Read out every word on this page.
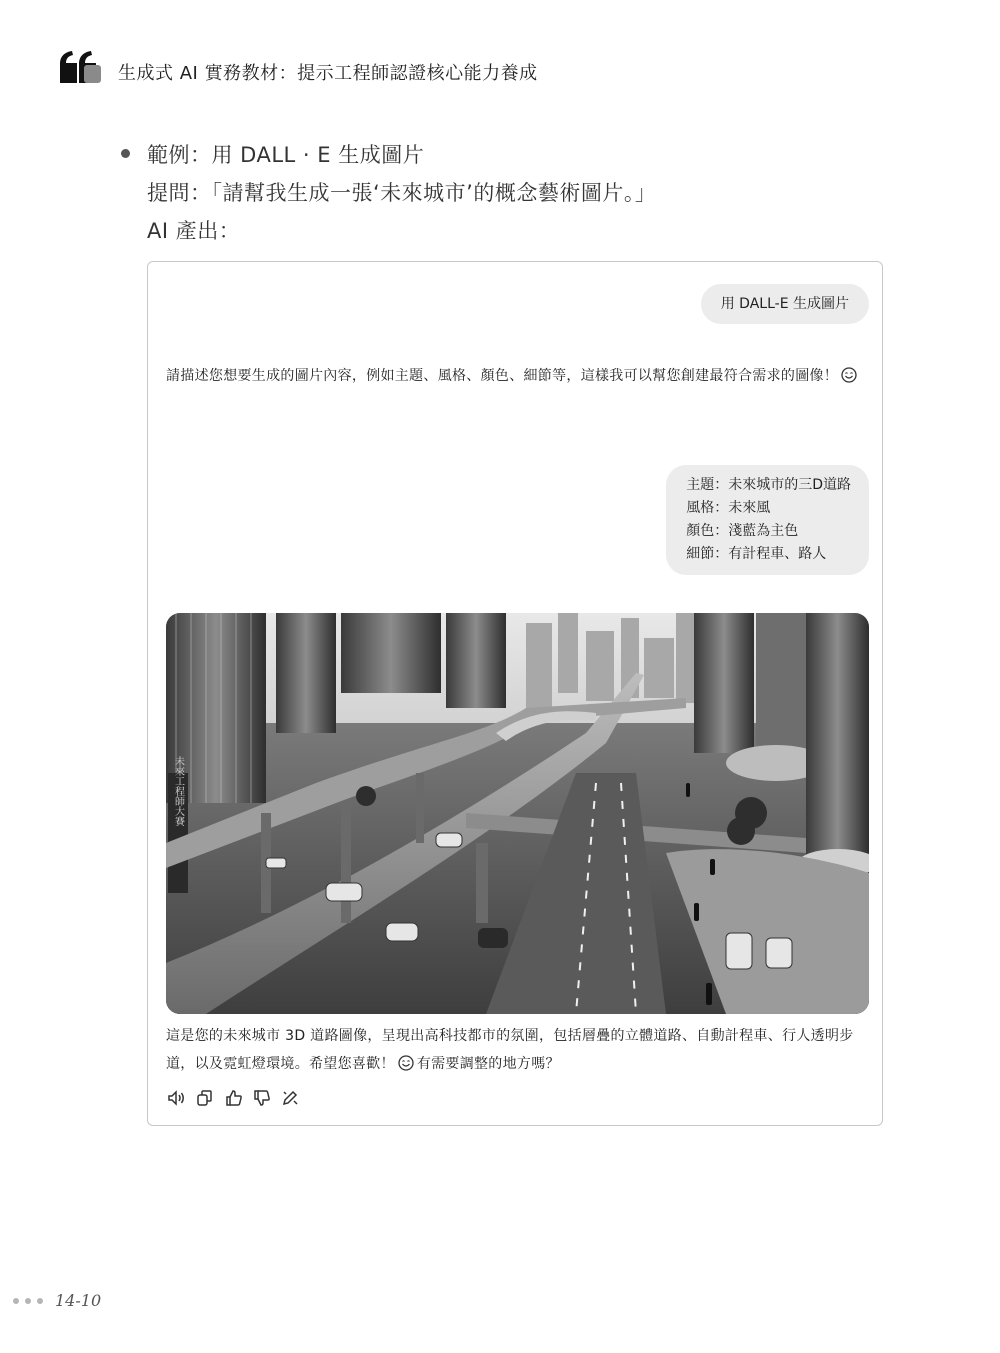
生成式 AI 實務教材：提示工程師認證核心能力養成
範例：用 DALL · E 生成圖片
提問：「請幫我生成一張‘未來城市’的概念藝術圖片。」
AI 產出：
用 DALL-E 生成圖片
請描述您想要生成的圖片內容，例如主題、風格、顏色、細節等，這樣我可以幫您創建最符合需求的圖像！
主題：未來城市的三D道路
風格：未來風
顏色：淺藍為主色
細節：有計程車、路人
未來工程師大賽
這是您的未來城市 3D 道路圖像，呈現出高科技都市的氛圍，包括層疊的立體道路、自動計程車、行人透明步道，以及霓虹燈環境。希望您喜歡！ 有需要調整的地方嗎？
14-10
